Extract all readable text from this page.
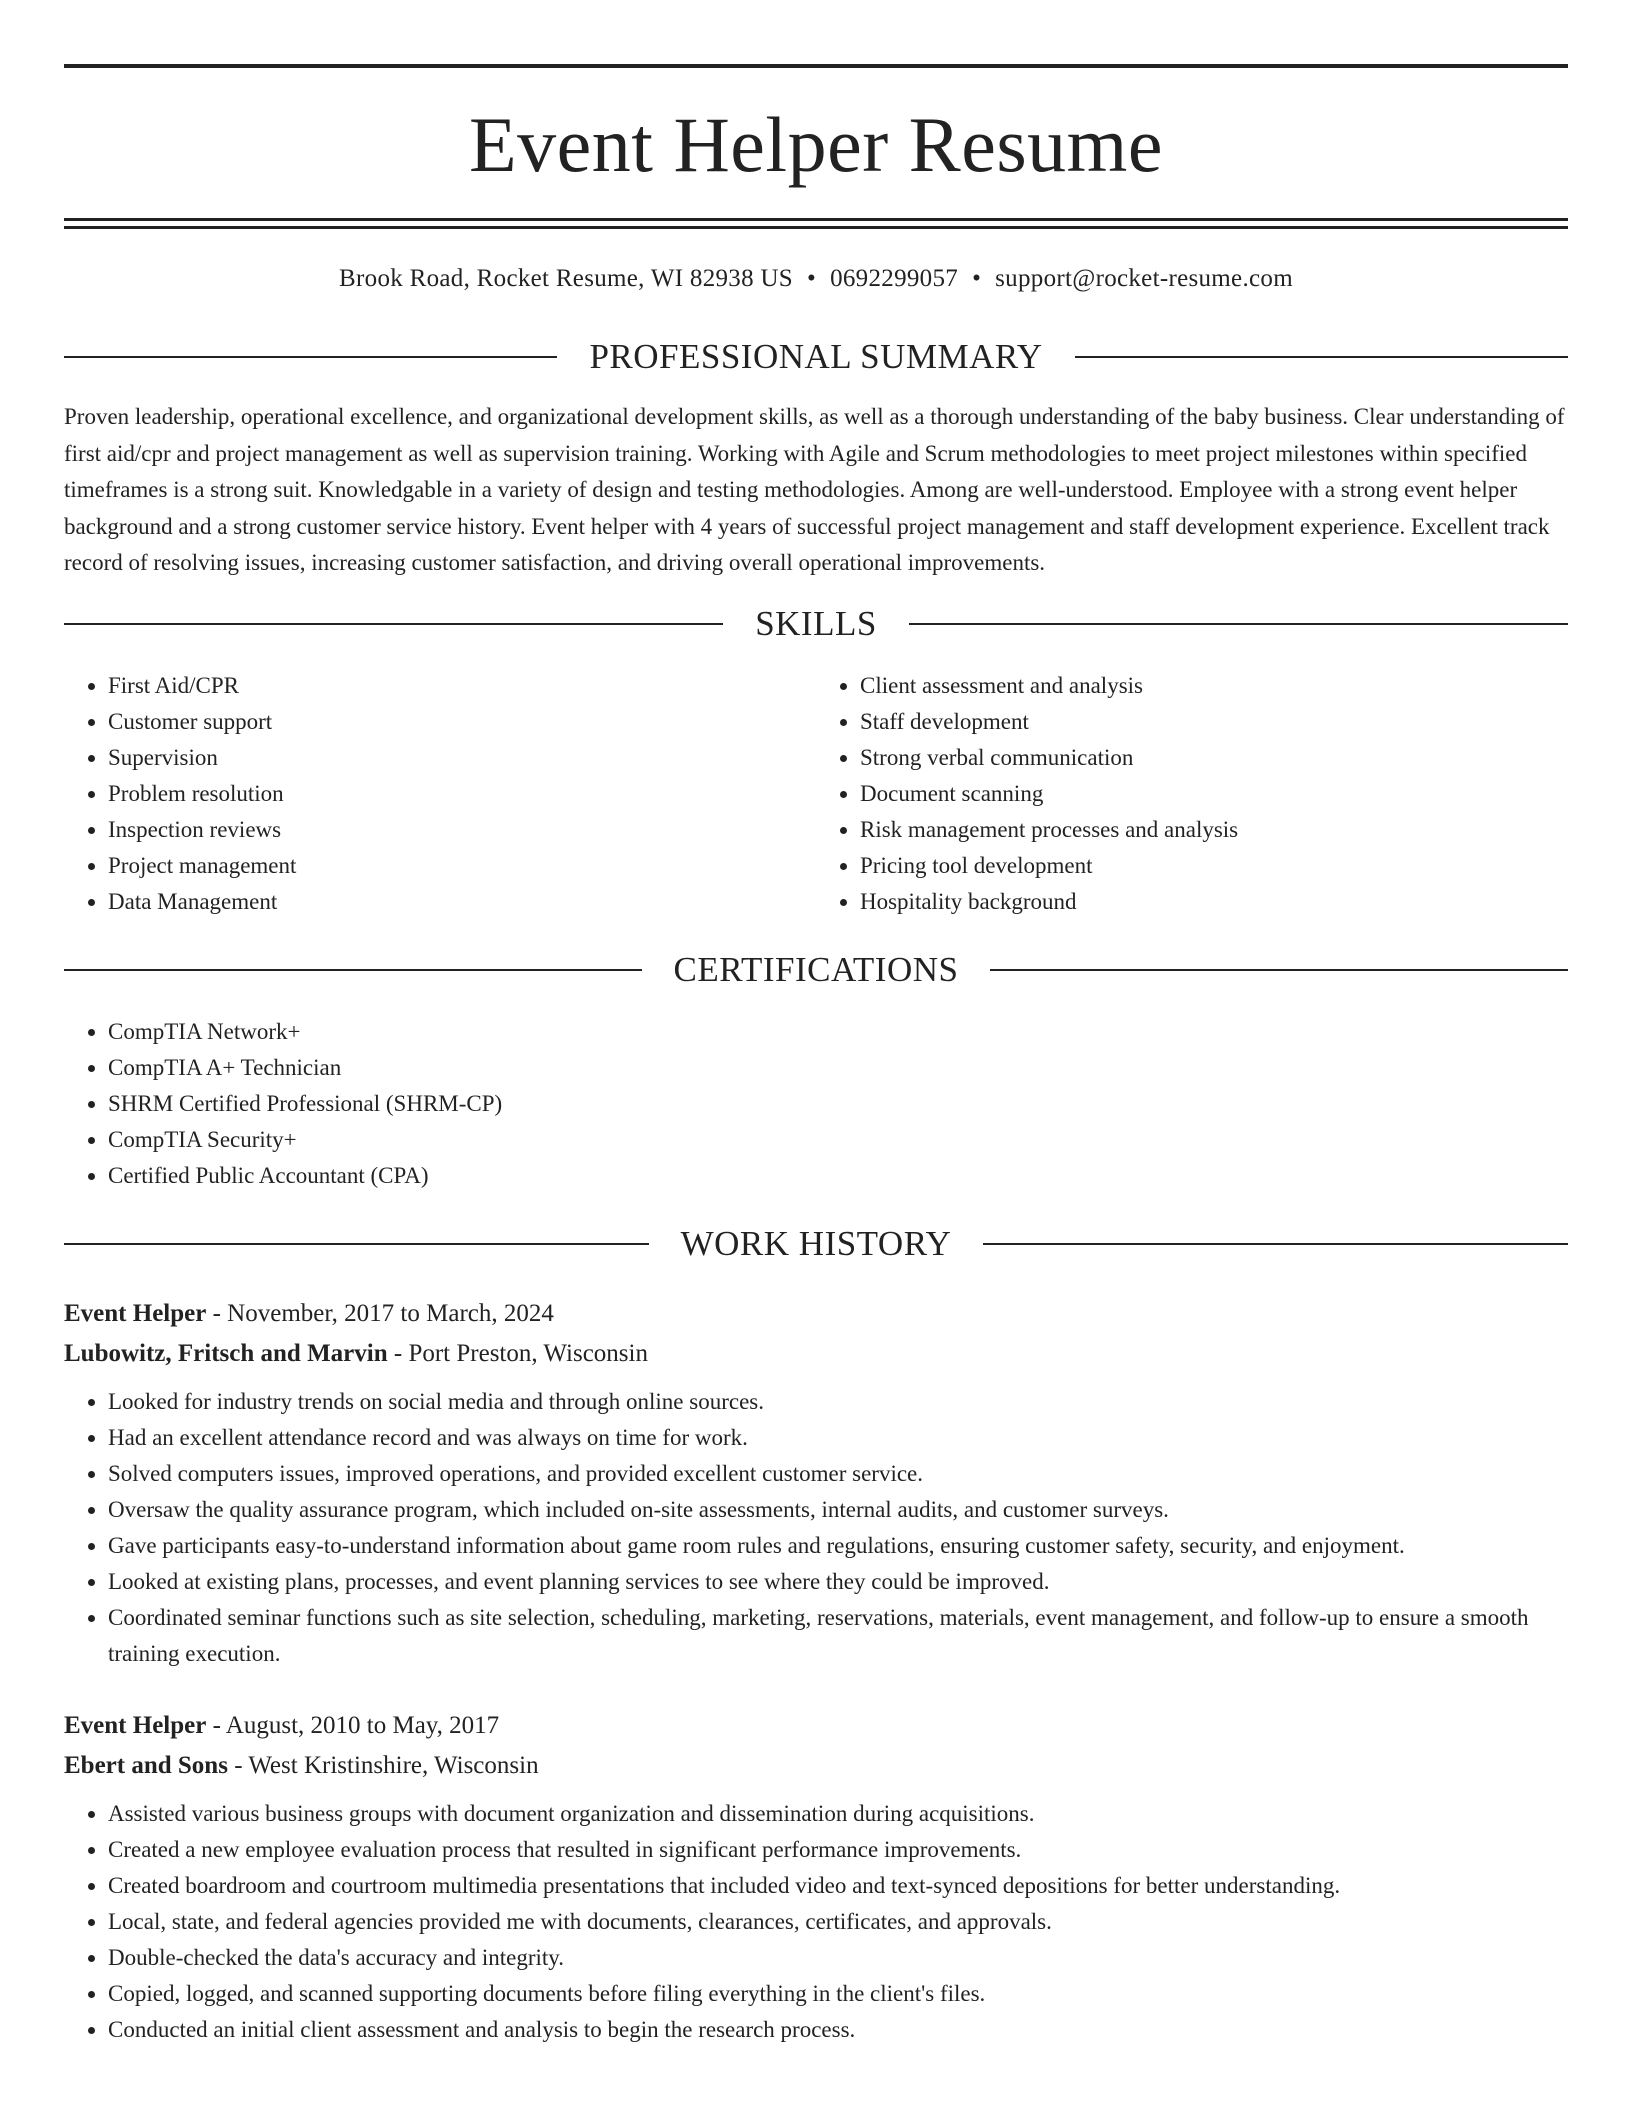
Event Helper Resume
Brook Road, Rocket Resume, WI 82938 US • 0692299057 • support@rocket-resume.com
PROFESSIONAL SUMMARY

Proven leadership, operational excellence, and organizational development skills, as well as a thorough understanding of the baby business. Clear understanding of first aid/cpr and project management as well as supervision training. Working with Agile and Scrum methodologies to meet project milestones within specified timeframes is a strong suit. Knowledgable in a variety of design and testing methodologies. Among are well-understood. Employee with a strong event helper background and a strong customer service history. Event helper with 4 years of successful project management and staff development experience. Excellent track record of resolving issues, increasing customer satisfaction, and driving overall operational improvements.

SKILLS
• First Aid/CPR
• Customer support
• Supervision
• Problem resolution
• Inspection reviews
• Project management
• Data Management
• Client assessment and analysis
• Staff development
• Strong verbal communication
• Document scanning
• Risk management processes and analysis
• Pricing tool development
• Hospitality background
CERTIFICATIONS
• CompTIA Network+
• CompTIA A+ Technician
• SHRM Certified Professional (SHRM-CP)
• CompTIA Security+
• Certified Public Accountant (CPA)
WORK HISTORY
Event Helper - November, 2017 to March, 2024
Lubowitz, Fritsch and Marvin - Port Preston, Wisconsin
• Looked for industry trends on social media and through online sources.
• Had an excellent attendance record and was always on time for work.
• Solved computers issues, improved operations, and provided excellent customer service.
• Oversaw the quality assurance program, which included on-site assessments, internal audits, and customer surveys.
• Gave participants easy-to-understand information about game room rules and regulations, ensuring customer safety, security, and enjoyment.
• Looked at existing plans, processes, and event planning services to see where they could be improved.
• Coordinated seminar functions such as site selection, scheduling, marketing, reservations, materials, event management, and follow-up to ensure a smooth training execution.
Event Helper - August, 2010 to May, 2017
Ebert and Sons - West Kristinshire, Wisconsin
• Assisted various business groups with document organization and dissemination during acquisitions.
• Created a new employee evaluation process that resulted in significant performance improvements.
• Created boardroom and courtroom multimedia presentations that included video and text-synced depositions for better understanding.
• Local, state, and federal agencies provided me with documents, clearances, certificates, and approvals.
• Double-checked the data's accuracy and integrity.
• Copied, logged, and scanned supporting documents before filing everything in the client's files.
• Conducted an initial client assessment and analysis to begin the research process.
